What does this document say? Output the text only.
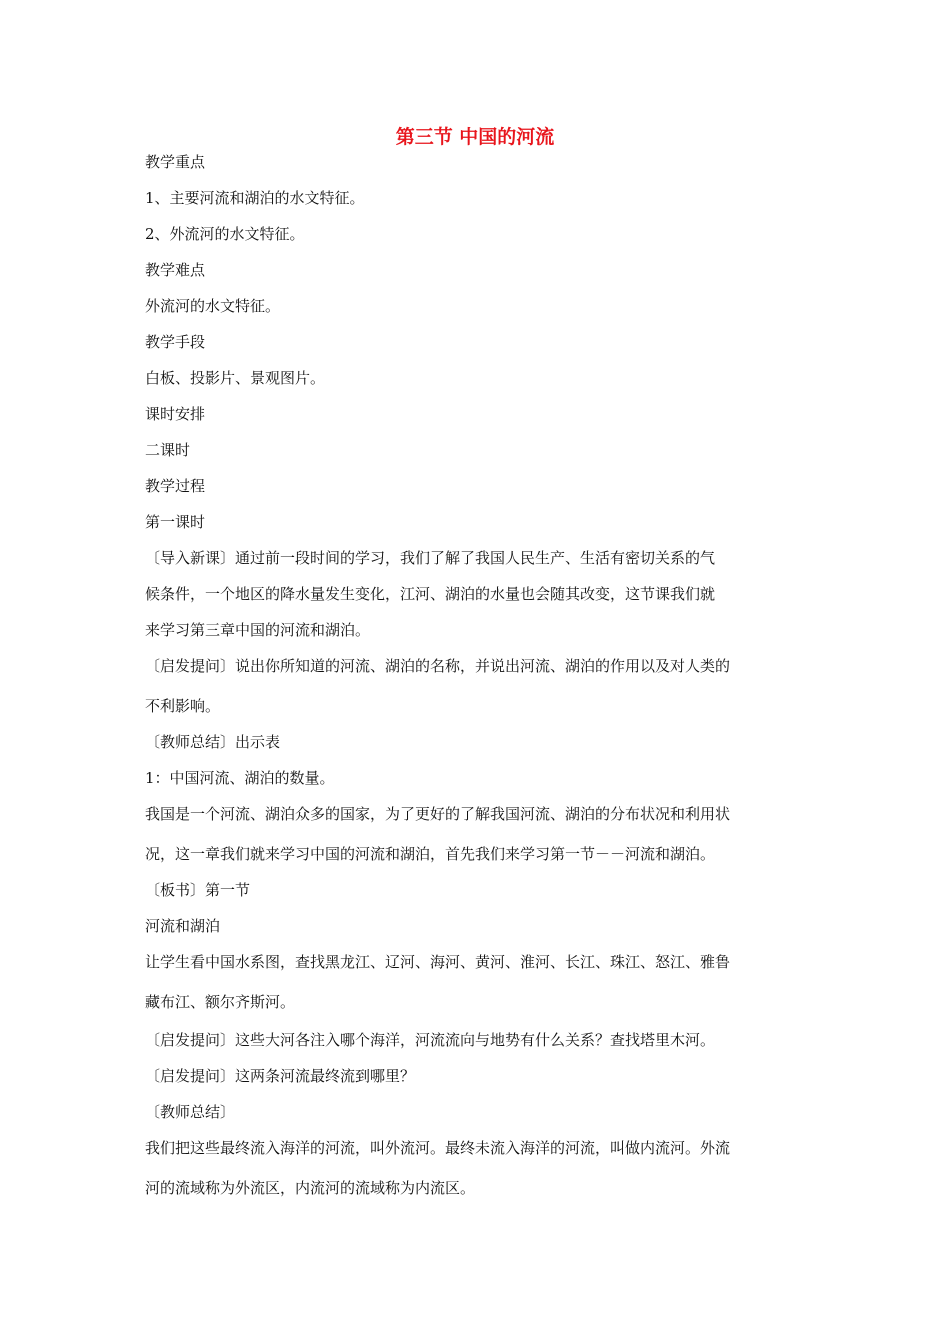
第三节 中国的河流
教学重点
1、主要河流和湖泊的水文特征。
2、外流河的水文特征。
教学难点
外流河的水文特征。
教学手段
白板、投影片、景观图片。
课时安排
二课时
教学过程
第一课时
〔导入新课〕通过前一段时间的学习，我们了解了我国人民生产、生活有密切关系的气
候条件，一个地区的降水量发生变化，江河、湖泊的水量也会随其改变，这节课我们就
来学习第三章中国的河流和湖泊。
〔启发提问〕说出你所知道的河流、湖泊的名称，并说出河流、湖泊的作用以及对人类的
不利影响。
〔教师总结〕出示表
1：中国河流、湖泊的数量。
我国是一个河流、湖泊众多的国家，为了更好的了解我国河流、湖泊的分布状况和利用状
况，这一章我们就来学习中国的河流和湖泊，首先我们来学习第一节－－河流和湖泊。
〔板书〕第一节
河流和湖泊
让学生看中国水系图，查找黑龙江、辽河、海河、黄河、淮河、长江、珠江、怒江、雅鲁
藏布江、额尔齐斯河。
〔启发提问〕这些大河各注入哪个海洋，河流流向与地势有什么关系？查找塔里木河。
〔启发提问〕这两条河流最终流到哪里？
〔教师总结〕
我们把这些最终流入海洋的河流，叫外流河。最终未流入海洋的河流，叫做内流河。外流
河的流域称为外流区，内流河的流域称为内流区。
